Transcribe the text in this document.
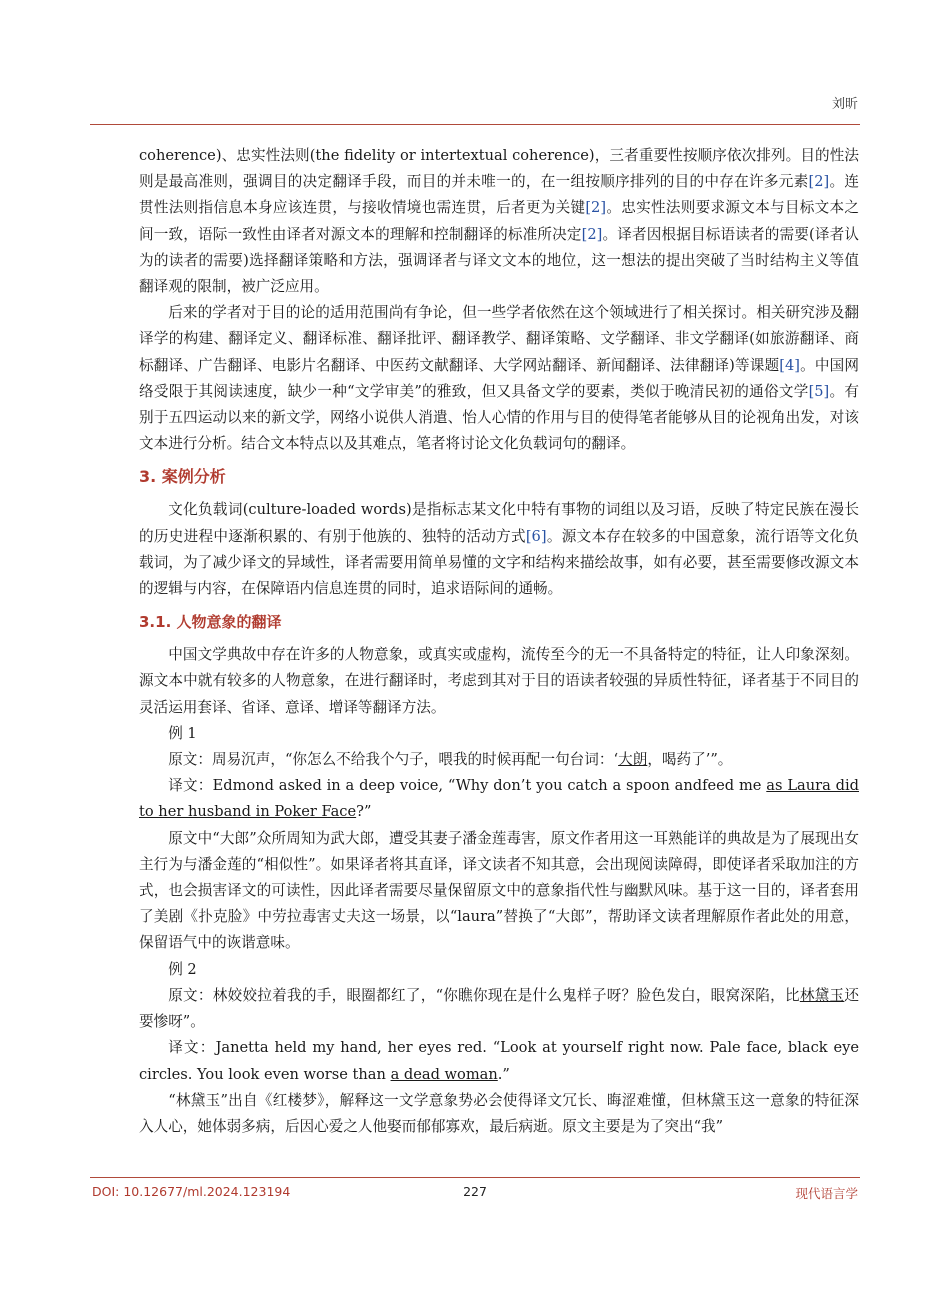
刘昕

coherence)、忠实性法则(the fidelity or intertextual coherence)，三者重要性按顺序依次排列。目的性法则是最高准则，强调目的决定翻译手段，而目的并未唯一的，在一组按顺序排列的目的中存在许多元素[2]。连贯性法则指信息本身应该连贯，与接收情境也需连贯，后者更为关键[2]。忠实性法则要求源文本与目标文本之间一致，语际一致性由译者对源文本的理解和控制翻译的标准所决定[2]。译者因根据目标语读者的需要(译者认为的读者的需要)选择翻译策略和方法，强调译者与译文文本的地位，这一想法的提出突破了当时结构主义等值翻译观的限制，被广泛应用。

后来的学者对于目的论的适用范围尚有争论，但一些学者依然在这个领域进行了相关探讨。相关研究涉及翻译学的构建、翻译定义、翻译标准、翻译批评、翻译教学、翻译策略、文学翻译、非文学翻译(如旅游翻译、商标翻译、广告翻译、电影片名翻译、中医药文献翻译、大学网站翻译、新闻翻译、法律翻译)等课题[4]。中国网络受限于其阅读速度，缺少一种“文学审美”的雅致，但又具备文学的要素，类似于晚清民初的通俗文学[5]。有别于五四运动以来的新文学，网络小说供人消遣、怡人心情的作用与目的使得笔者能够从目的论视角出发，对该文本进行分析。结合文本特点以及其难点，笔者将讨论文化负载词句的翻译。

3. 案例分析

文化负载词(culture-loaded words)是指标志某文化中特有事物的词组以及习语，反映了特定民族在漫长的历史进程中逐渐积累的、有别于他族的、独特的活动方式[6]。源文本存在较多的中国意象，流行语等文化负载词，为了减少译文的异域性，译者需要用简单易懂的文字和结构来描绘故事，如有必要，甚至需要修改源文本的逻辑与内容，在保障语内信息连贯的同时，追求语际间的通畅。

3.1. 人物意象的翻译

中国文学典故中存在许多的人物意象，或真实或虚构，流传至今的无一不具备特定的特征，让人印象深刻。源文本中就有较多的人物意象，在进行翻译时，考虑到其对于目的语读者较强的异质性特征，译者基于不同目的灵活运用套译、省译、意译、增译等翻译方法。

例 1

原文：周易沉声，“你怎么不给我个勺子，喂我的时候再配一句台词：‘大朗，喝药了’”。

译文：Edmond asked in a deep voice, “Why don’t you catch a spoon andfeed me as Laura did to her husband in Poker Face?”

原文中“大郎”众所周知为武大郎，遭受其妻子潘金莲毒害，原文作者用这一耳熟能详的典故是为了展现出女主行为与潘金莲的“相似性”。如果译者将其直译，译文读者不知其意，会出现阅读障碍，即使译者采取加注的方式，也会损害译文的可读性，因此译者需要尽量保留原文中的意象指代性与幽默风味。基于这一目的，译者套用了美剧《扑克脸》中劳拉毒害丈夫这一场景，以“laura”替换了“大郎”，帮助译文读者理解原作者此处的用意，保留语气中的诙谐意味。

例 2

原文：林姣姣拉着我的手，眼圈都红了，“你瞧你现在是什么鬼样子呀？脸色发白，眼窝深陷，比林黛玉还要惨呀”。

译文：Janetta held my hand, her eyes red. “Look at yourself right now. Pale face, black eye circles. You look even worse than a dead woman.”

“林黛玉”出自《红楼梦》，解释这一文学意象势必会使得译文冗长、晦涩难懂，但林黛玉这一意象的特征深入人心，她体弱多病，后因心爱之人他娶而郁郁寡欢，最后病逝。原文主要是为了突出“我”

DOI: 10.12677/ml.2024.123194	227	现代语言学
